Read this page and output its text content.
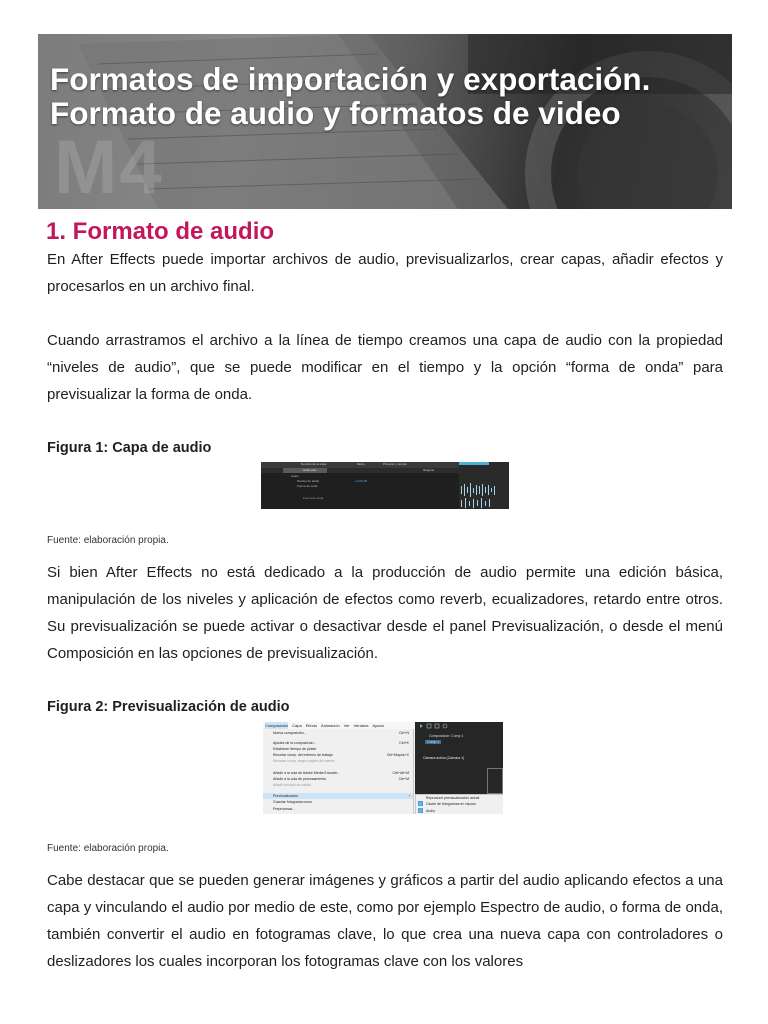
M4
Formatos de importación y exportación.
Formato de audio y formatos de video
1. Formato de audio

En After Effects puede importar archivos de audio, previsualizarlos, crear capas, añadir efectos y procesarlos en un archivo final.

Cuando arrastramos el archivo a la línea de tiempo creamos una capa de audio con la propiedad “niveles de audio”, que se puede modificar en el tiempo y la opción “forma de onda” para previsualizar la forma de onda.

Figura 1: Capa de audio

Nombre de la capa	Modo	Primario y vínculo
audio.wav	Ninguno
Audio
Niveles de audio	+0,00 dB
Forma de onda
Forma de onda

Fuente: elaboración propia.

Si bien After Effects no está dedicado a la producción de audio permite una edición básica, manipulación de los niveles y aplicación de efectos como reverb, ecualizadores, retardo entre otros. Su previsualización se puede activar o desactivar desde el panel Previsualización, o desde el menú Composición en las opciones de previsualización.

Figura 2: Previsualización de audio

Composición Capa Efecto Animación Ver Ventana Ayuda
Nueva composición...	Ctrl+N
Ajustes de la composición...	Ctrl+K
Establecer tiempo de póster
Recortar comp. del extremo de trabajo	Ctrl+Mayús+X
Recortar comp. según región de interés
Añadir a la cola de Adobe Media Encoder...	Ctrl+Alt+M
Añadir a la cola de procesamiento	Ctrl+M
Añadir módulo de salida
Previsualización	›
Guardar fotograma como
Preprocesar...
Composición: Comp 1
Comp 1
Cámara activa (Cámara 1)
Reproducir previsualización actual
✓ Caché de fotogramas en reposo
✓ Audio

Fuente: elaboración propia.

Cabe destacar que se pueden generar imágenes y gráficos a partir del audio aplicando efectos a una capa y vinculando el audio por medio de este, como por ejemplo Espectro de audio, o forma de onda, también convertir el audio en fotogramas clave, lo que crea una nueva capa con controladores o deslizadores los cuales incorporan los fotogramas clave con los valores
